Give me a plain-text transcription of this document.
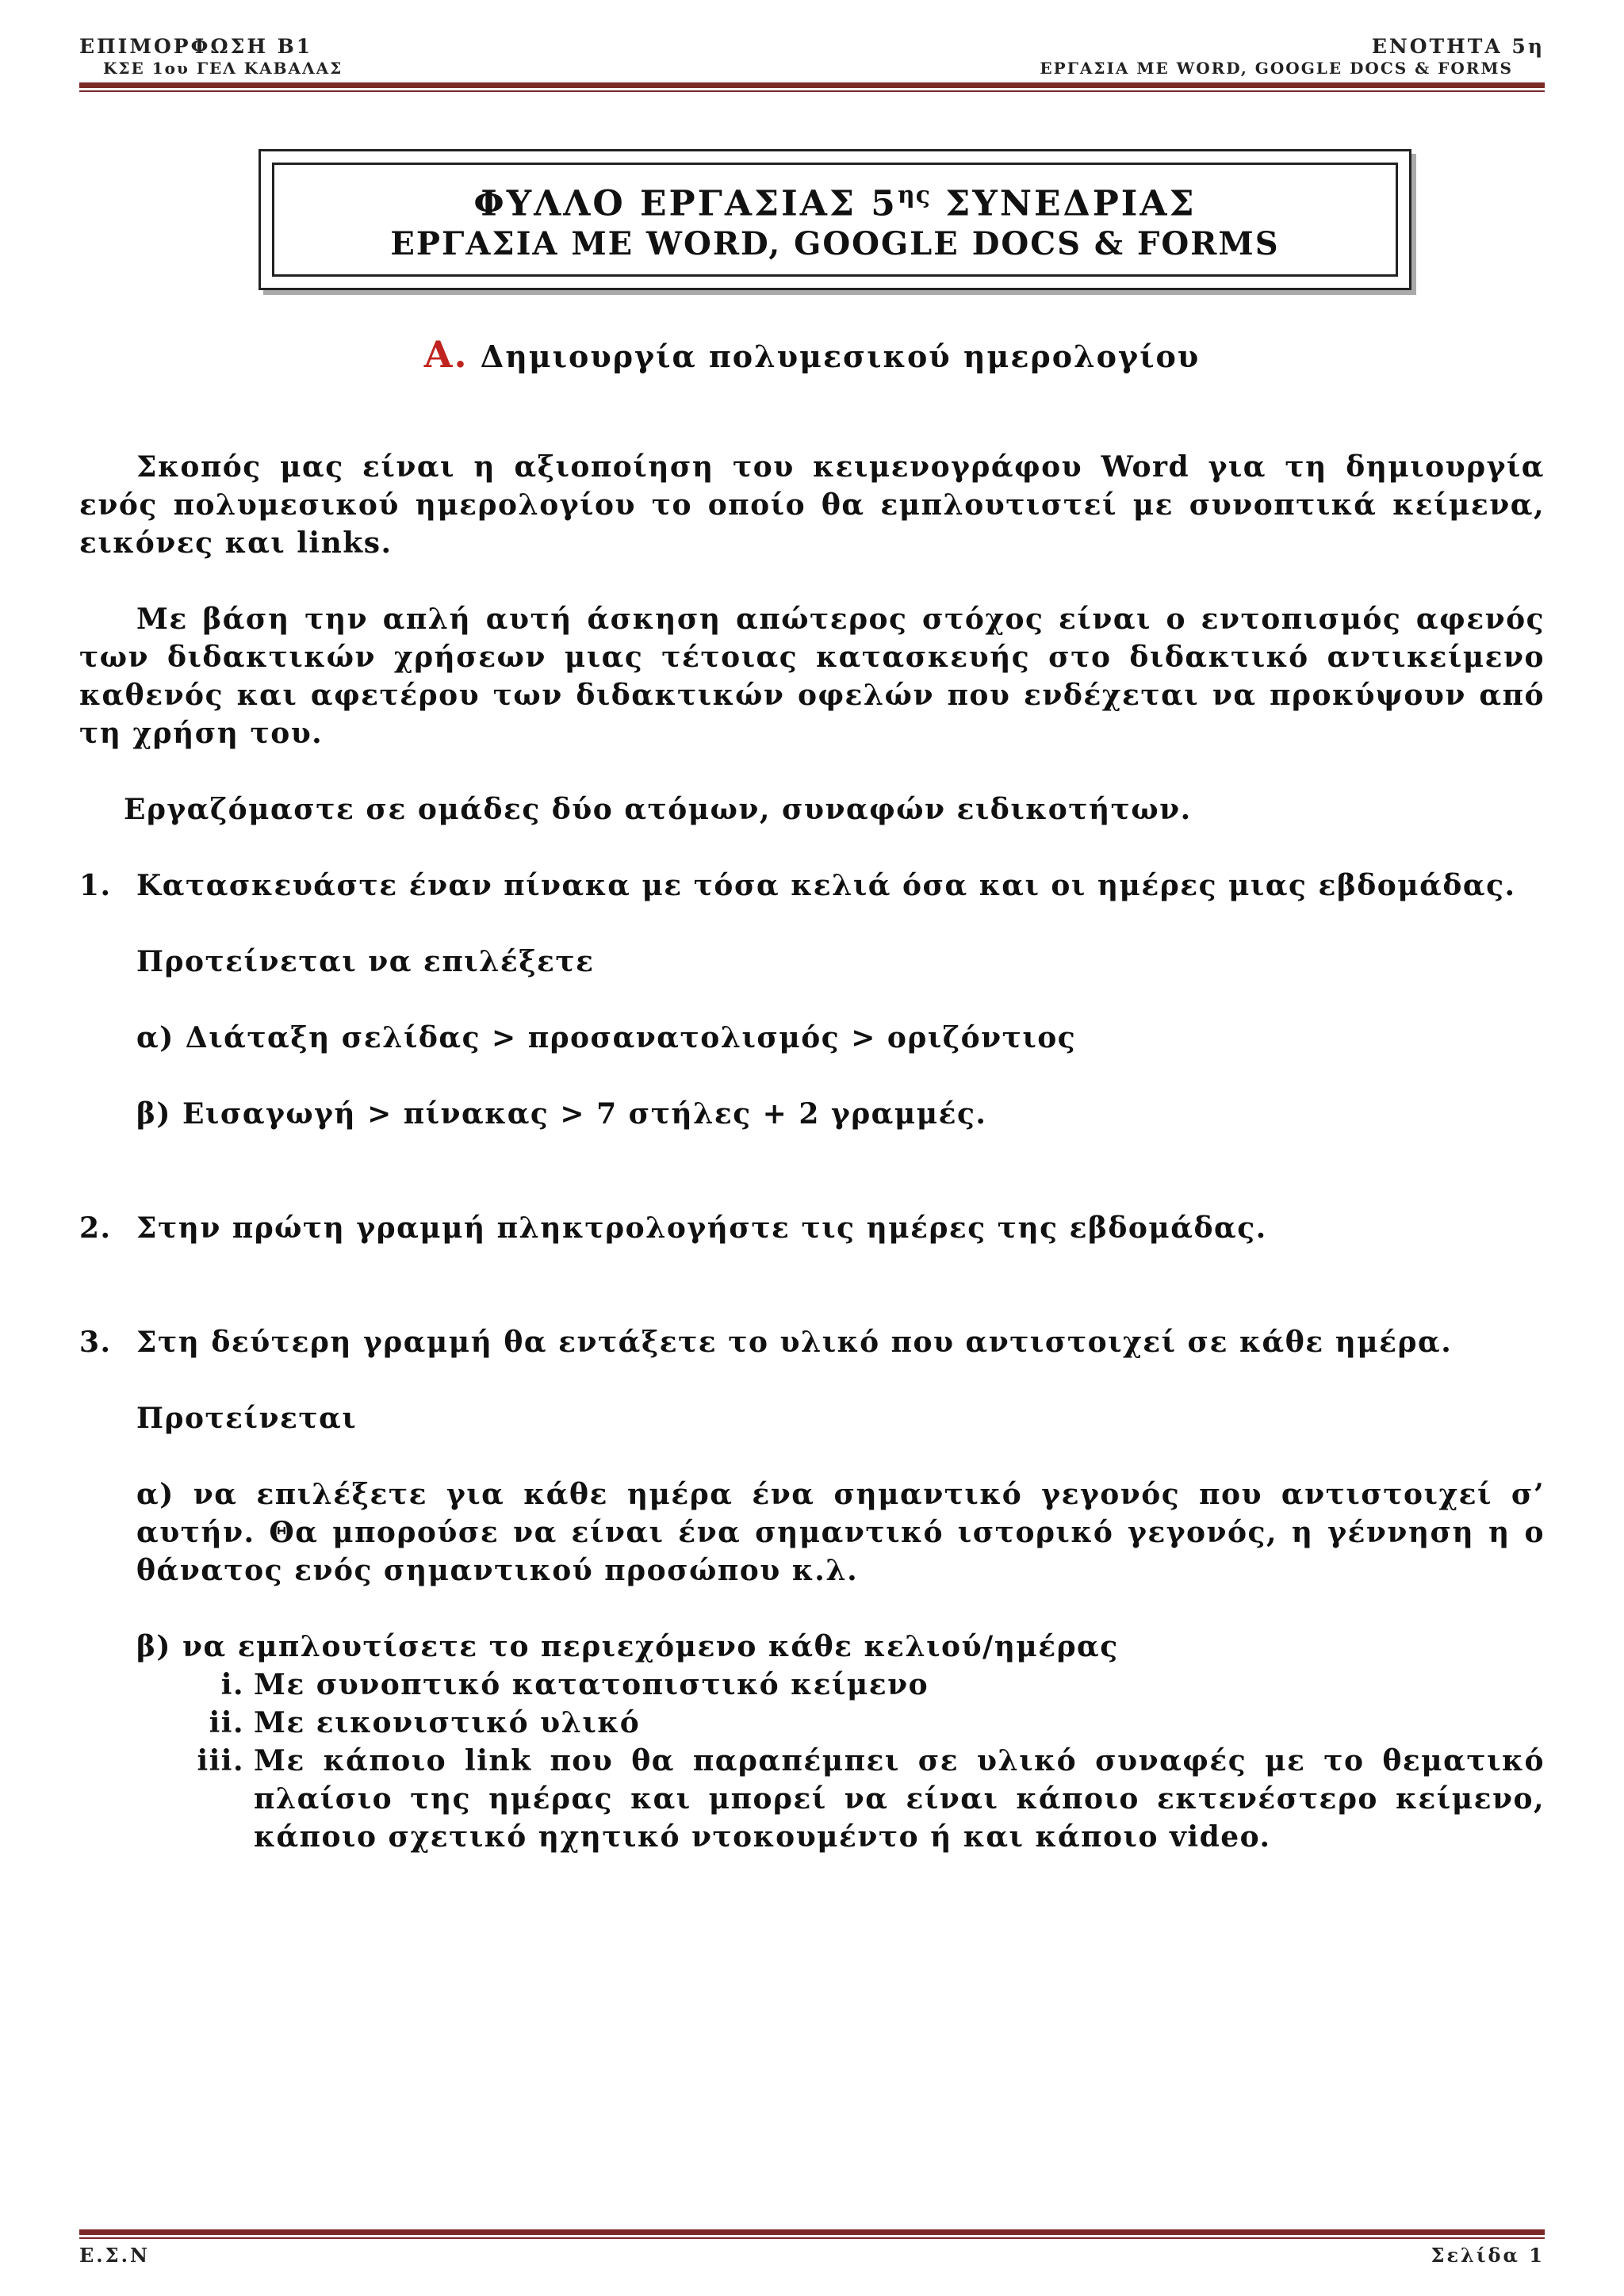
ΕΠΙΜΟΡΦΩΣΗ Β1	ΕΝΟΤΗΤΑ 5η
ΚΣΕ 1ου ΓΕΛ ΚΑΒΑΛΑΣ	ΕΡΓΑΣΙΑ ΜΕ WORD, GOOGLE DOCS & FORMS
ΦΥΛΛΟ ΕΡΓΑΣΙΑΣ $5^{\eta\varsigma}$ ΣΥΝΕΔΡΙΑΣ
ΕΡΓΑΣΙΑ ΜΕ WORD, GOOGLE DOCS & FORMS
Α. Δημιουργία πολυμεσικού ημερολογίου

Σκοπός μας είναι η αξιοποίηση του κειμενογράφου Word για τη δημιουργία ενός πολυμεσικού ημερολογίου το οποίο θα εμπλουτιστεί με συνοπτικά κείμενα, εικόνες και links.

Με βάση την απλή αυτή άσκηση απώτερος στόχος είναι ο εντοπισμός αφενός των διδακτικών χρήσεων μιας τέτοιας κατασκευής στο διδακτικό αντικείμενο καθενός και αφετέρου των διδακτικών οφελών που ενδέχεται να προκύψουν από τη χρήση του.

Εργαζόμαστε σε ομάδες δύο ατόμων, συναφών ειδικοτήτων.

1. Κατασκευάστε έναν πίνακα με τόσα κελιά όσα και οι ημέρες μιας εβδομάδας.
Προτείνεται να επιλέξετε
α) Διάταξη σελίδας > προσανατολισμός > οριζόντιος
β) Εισαγωγή > πίνακας > 7 στήλες + 2 γραμμές.
2. Στην πρώτη γραμμή πληκτρολογήστε τις ημέρες της εβδομάδας.
3. Στη δεύτερη γραμμή θα εντάξετε το υλικό που αντιστοιχεί σε κάθε ημέρα.
Προτείνεται
α) να επιλέξετε για κάθε ημέρα ένα σημαντικό γεγονός που αντιστοιχεί σ’ αυτήν. Θα μπορούσε να είναι ένα σημαντικό ιστορικό γεγονός, η γέννηση η ο θάνατος ενός σημαντικού προσώπου κ.λ.
β) να εμπλουτίσετε το περιεχόμενο κάθε κελιού/ημέρας
i. Με συνοπτικό κατατοπιστικό κείμενο
ii. Με εικονιστικό υλικό
iii. Με κάποιο link που θα παραπέμπει σε υλικό συναφές με το θεματικό πλαίσιο της ημέρας και μπορεί να είναι κάποιο εκτενέστερο κείμενο, κάποιο σχετικό ηχητικό ντοκουμέντο ή και κάποιο video.
Ε.Σ.Ν	Σελίδα 1
